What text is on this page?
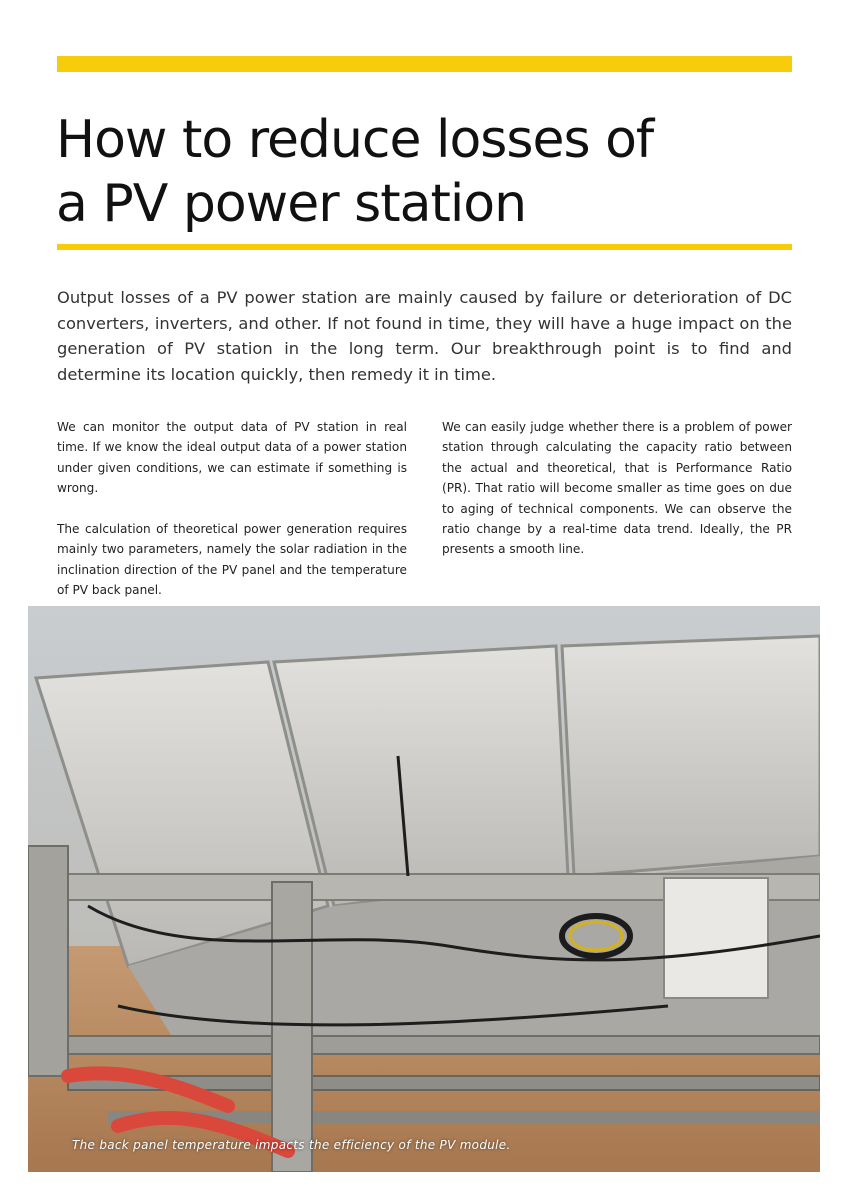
How to reduce losses of
a PV power station

Output losses of a PV power station are mainly caused by failure or deterioration of DC converters, inverters, and other. If not found in time, they will have a huge impact on the generation of PV station in the long term. Our breakthrough point is to find and determine its location quickly, then remedy it in time.

We can monitor the output data of PV station in real time. If we know the ideal output data of a power station under given conditions, we can estimate if something is wrong.

The calculation of theoretical power generation requires mainly two parameters, namely the solar radiation in the inclination direction of the PV panel and the temperature of PV back panel.

We can easily judge whether there is a problem of power station through calculating the capacity ratio between the actual and theoretical, that is Performance Ratio (PR). That ratio will become smaller as time goes on due to aging of technical components. We can observe the ratio change by a real-time data trend. Ideally, the PR presents a smooth line.

The back panel temperature impacts the efficiency of the PV module.
